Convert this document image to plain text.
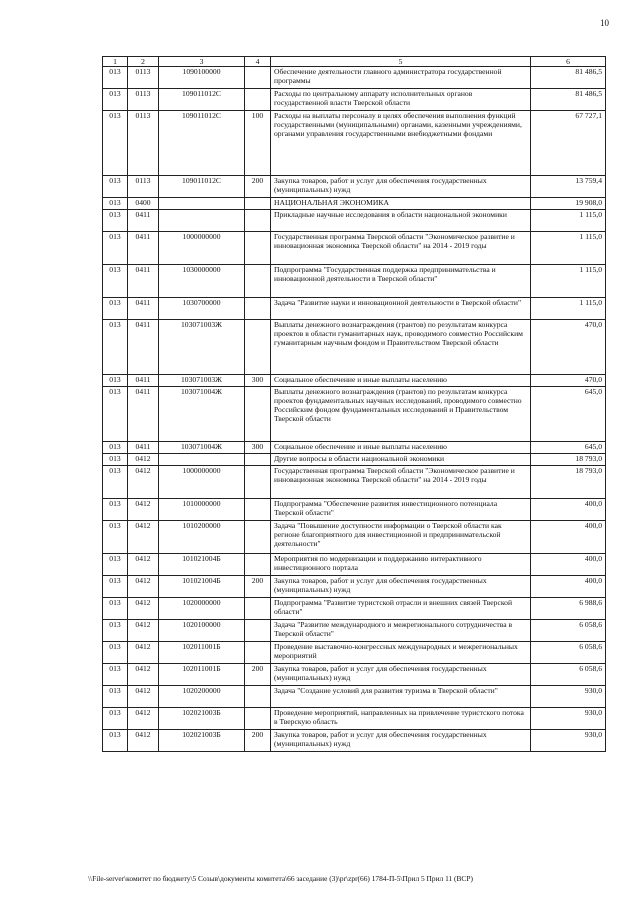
10
1	2	3	4	5	6
013	0113	1090100000		Обеспечение деятельности главного администратора государственной программы	81 486,5
013	0113	109011012С		Расходы по центральному аппарату исполнительных органов государственной власти Тверской области	81 486,5
013	0113	109011012С	100	Расходы на выплаты персоналу в целях обеспечения выполнения функций государственными (муниципальными) органами, казенными учреждениями, органами управления государственными внебюджетными фондами	67 727,1
013	0113	109011012С	200	Закупка товаров, работ и услуг для обеспечения государственных (муниципальных) нужд	13 759,4
013	0400			НАЦИОНАЛЬНАЯ ЭКОНОМИКА	19 908,0
013	0411			Прикладные научные исследования в области национальной экономики	1 115,0
013	0411	1000000000		Государственная программа Тверской области "Экономическое развитие и инновационная экономика Тверской области" на 2014 - 2019 годы	1 115,0
013	0411	1030000000		Подпрограмма "Государственная поддержка предпринимательства и инновационной деятельности в Тверской области"	1 115,0
013	0411	1030700000		Задача "Развитие науки и инновационной деятельности в Тверской области"	1 115,0
013	0411	103071003Ж		Выплаты денежного вознаграждения (грантов) по результатам конкурса проектов в области гуманитарных наук, проводимого совместно Российским гуманитарным научным фондом и Правительством Тверской области	470,0
013	0411	103071003Ж	300	Социальное обеспечение и иные выплаты населению	470,0
013	0411	103071004Ж		Выплаты денежного вознаграждения (грантов) по результатам конкурса проектов фундаментальных научных исследований, проводимого совместно Российским фондом фундаментальных исследований и Правительством Тверской области	645,0
013	0411	103071004Ж	300	Социальное обеспечение и иные выплаты населению	645,0
013	0412			Другие вопросы в области национальной экономики	18 793,0
013	0412	1000000000		Государственная программа Тверской области "Экономическое развитие и инновационная экономика Тверской области" на 2014 - 2019 годы	18 793,0
013	0412	1010000000		Подпрограмма "Обеспечение развития инвестиционного потенциала Тверской области"	400,0
013	0412	1010200000		Задача "Повышение доступности информации о Тверской области как регионе благоприятного для инвестиционной и предпринимательской деятельности"	400,0
013	0412	101021004Б		Мероприятия по модернизации и поддержанию интерактивного инвестиционного портала	400,0
013	0412	101021004Б	200	Закупка товаров, работ и услуг для обеспечения государственных (муниципальных) нужд	400,0
013	0412	1020000000		Подпрограмма "Развитие туристской отрасли и внешних связей Тверской области"	6 988,6
013	0412	1020100000		Задача "Развитие международного и межрегионального сотрудничества в Тверской области"	6 058,6
013	0412	102011001Б		Проведение выставочно-конгрессных международных и межрегиональных мероприятий	6 058,6
013	0412	102011001Б	200	Закупка товаров, работ и услуг для обеспечения государственных (муниципальных) нужд	6 058,6
013	0412	1020200000		Задача "Создание условий для развития туризма в Тверской области"	930,0
013	0412	102021003Б		Проведение мероприятий, направленных на привлечение туристского потока в Тверскую область	930,0
013	0412	102021003Б	200	Закупка товаров, работ и услуг для обеспечения государственных (муниципальных) нужд	930,0
\\File-server\комитет по бюджету\5 Созыв\документы комитета\66 заседание (3)\pr\zpr(66) 1784-П-5\Прил 5 Прил 11 (ВСР)
